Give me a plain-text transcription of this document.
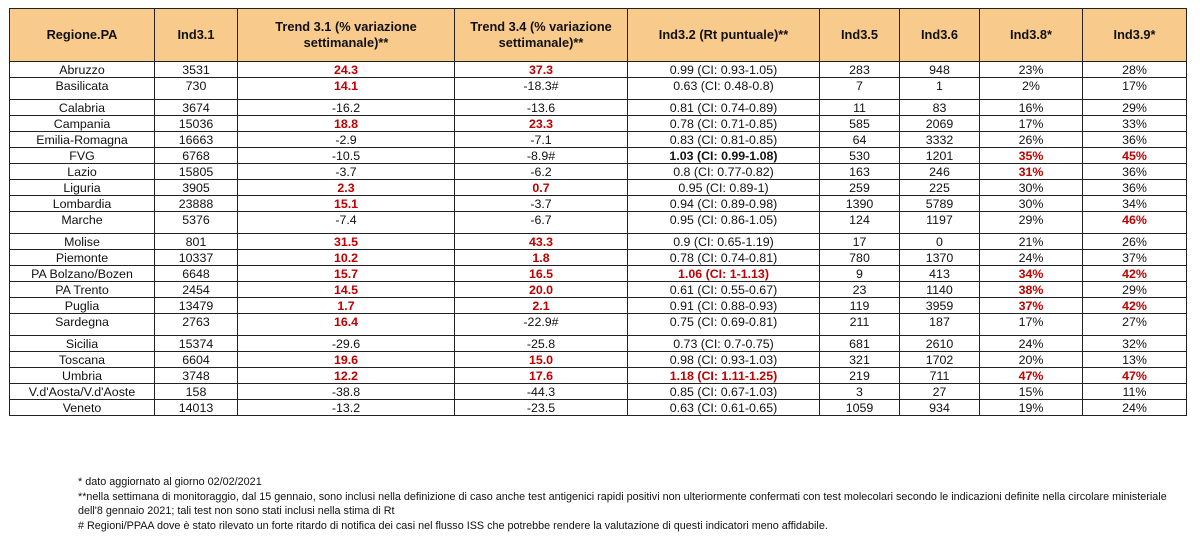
Regione.PA	Ind3.1	Trend 3.1 (% variazione settimanale)**	Trend 3.4 (% variazione settimanale)**	Ind3.2 (Rt puntuale)**	Ind3.5	Ind3.6	Ind3.8*	Ind3.9*
Abruzzo	3531	24.3	37.3	0.99 (CI: 0.93-1.05)	283	948	23%	28%
Basilicata	730	14.1	-18.3#	0.63 (CI: 0.48-0.8)	7	1	2%	17%
Calabria	3674	-16.2	-13.6	0.81 (CI: 0.74-0.89)	11	83	16%	29%
Campania	15036	18.8	23.3	0.78 (CI: 0.71-0.85)	585	2069	17%	33%
Emilia-Romagna	16663	-2.9	-7.1	0.83 (CI: 0.81-0.85)	64	3332	26%	36%
FVG	6768	-10.5	-8.9#	1.03 (CI: 0.99-1.08)	530	1201	35%	45%
Lazio	15805	-3.7	-6.2	0.8 (CI: 0.77-0.82)	163	246	31%	36%
Liguria	3905	2.3	0.7	0.95 (CI: 0.89-1)	259	225	30%	36%
Lombardia	23888	15.1	-3.7	0.94 (CI: 0.89-0.98)	1390	5789	30%	34%
Marche	5376	-7.4	-6.7	0.95 (CI: 0.86-1.05)	124	1197	29%	46%
Molise	801	31.5	43.3	0.9 (CI: 0.65-1.19)	17	0	21%	26%
Piemonte	10337	10.2	1.8	0.78 (CI: 0.74-0.81)	780	1370	24%	37%
PA Bolzano/Bozen	6648	15.7	16.5	1.06 (CI: 1-1.13)	9	413	34%	42%
PA Trento	2454	14.5	20.0	0.61 (CI: 0.55-0.67)	23	1140	38%	29%
Puglia	13479	1.7	2.1	0.91 (CI: 0.88-0.93)	119	3959	37%	42%
Sardegna	2763	16.4	-22.9#	0.75 (CI: 0.69-0.81)	211	187	17%	27%
Sicilia	15374	-29.6	-25.8	0.73 (CI: 0.7-0.75)	681	2610	24%	32%
Toscana	6604	19.6	15.0	0.98 (CI: 0.93-1.03)	321	1702	20%	13%
Umbria	3748	12.2	17.6	1.18 (CI: 1.11-1.25)	219	711	47%	47%
V.d'Aosta/V.d'Aoste	158	-38.8	-44.3	0.85 (CI: 0.67-1.03)	3	27	15%	11%
Veneto	14013	-13.2	-23.5	0.63 (CI: 0.61-0.65)	1059	934	19%	24%

* dato aggiornato al giorno 02/02/2021

**nella settimana di monitoraggio, dal 15 gennaio, sono inclusi nella definizione di caso anche test antigenici rapidi positivi non ulteriormente confermati con test molecolari secondo le indicazioni definite nella circolare ministeriale dell'8 gennaio 2021; tali test non sono stati inclusi nella stima di Rt

# Regioni/PPAA dove è stato rilevato un forte ritardo di notifica dei casi nel flusso ISS che potrebbe rendere la valutazione di questi indicatori meno affidabile.
